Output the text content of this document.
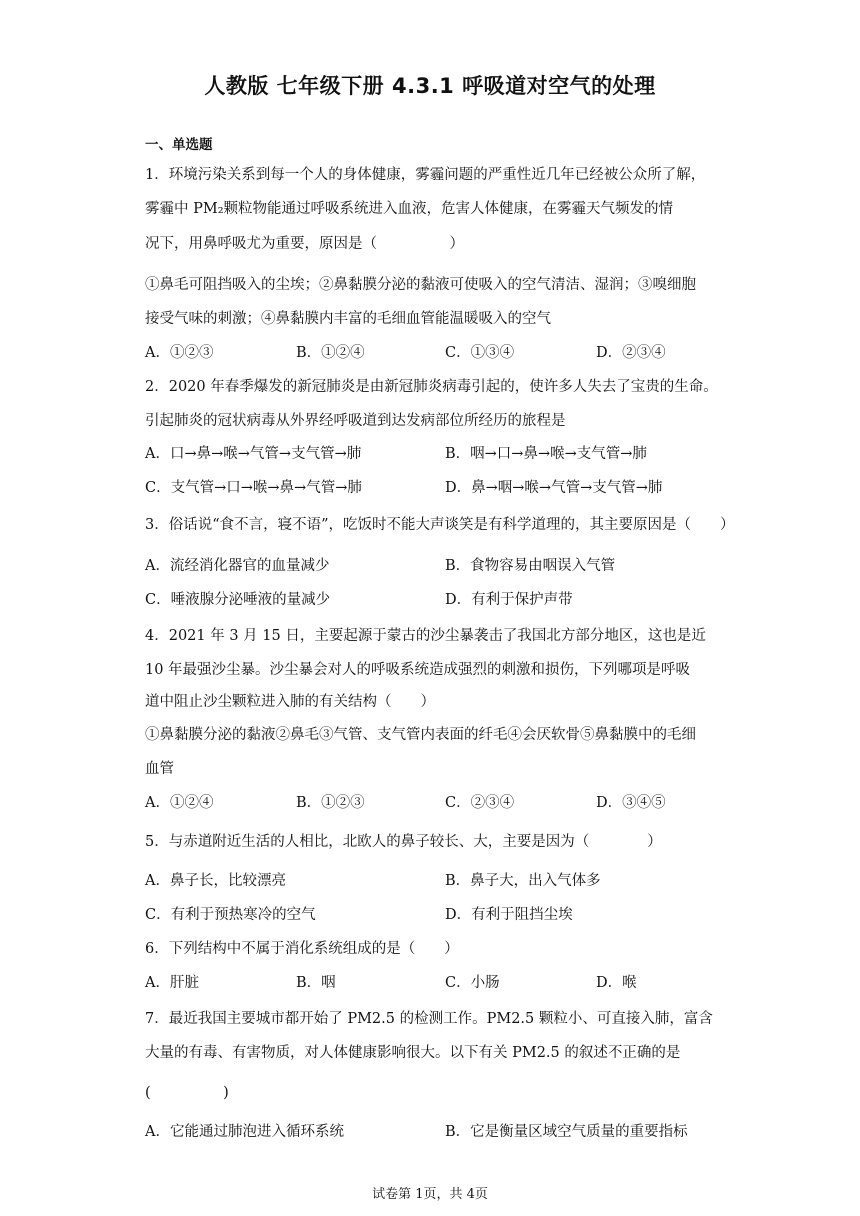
人教版 七年级下册 4.3.1 呼吸道对空气的处理
一、单选题
1．环境污染关系到每一个人的身体健康，雾霾问题的严重性近几年已经被公众所了解，
雾霾中 PM₂颗粒物能通过呼吸系统进入血液，危害人体健康，在雾霾天气频发的情
况下，用鼻呼吸尤为重要，原因是（　　　　　）
①鼻毛可阻挡吸入的尘埃；②鼻黏膜分泌的黏液可使吸入的空气清洁、湿润；③嗅细胞
接受气味的刺激；④鼻黏膜内丰富的毛细血管能温暖吸入的空气
A．①②③	B．①②④	C．①③④	D．②③④
2．2020 年春季爆发的新冠肺炎是由新冠肺炎病毒引起的，使许多人失去了宝贵的生命。
引起肺炎的冠状病毒从外界经呼吸道到达发病部位所经历的旅程是
A．口→鼻→喉→气管→支气管→肺	B．咽→口→鼻→喉→支气管→肺
C．支气管→口→喉→鼻→气管→肺	D．鼻→咽→喉→气管→支气管→肺
3．俗话说“食不言，寝不语”，吃饭时不能大声谈笑是有科学道理的，其主要原因是（　　）
A．流经消化器官的血量减少	B．食物容易由咽误入气管
C．唾液腺分泌唾液的量减少	D．有利于保护声带
4．2021 年 3 月 15 日，主要起源于蒙古的沙尘暴袭击了我国北方部分地区，这也是近
10 年最强沙尘暴。沙尘暴会对人的呼吸系统造成强烈的刺激和损伤，下列哪项是呼吸
道中阻止沙尘颗粒进入肺的有关结构（　　）
①鼻黏膜分泌的黏液②鼻毛③气管、支气管内表面的纤毛④会厌软骨⑤鼻黏膜中的毛细
血管
A．①②④	B．①②③	C．②③④	D．③④⑤
5．与赤道附近生活的人相比，北欧人的鼻子较长、大，主要是因为（　　　　）
A．鼻子长，比较漂亮	B．鼻子大，出入气体多
C．有利于预热寒冷的空气	D．有利于阻挡尘埃
6．下列结构中不属于消化系统组成的是（　　）
A．肝脏	B．咽	C．小肠	D．喉
7．最近我国主要城市都开始了 PM2.5 的检测工作。PM2.5 颗粒小、可直接入肺，富含
大量的有毒、有害物质，对人体健康影响很大。以下有关 PM2.5 的叙述不正确的是
(　　　　　)
A．它能通过肺泡进入循环系统	B．它是衡量区域空气质量的重要指标
试卷第 1页，共 4页
